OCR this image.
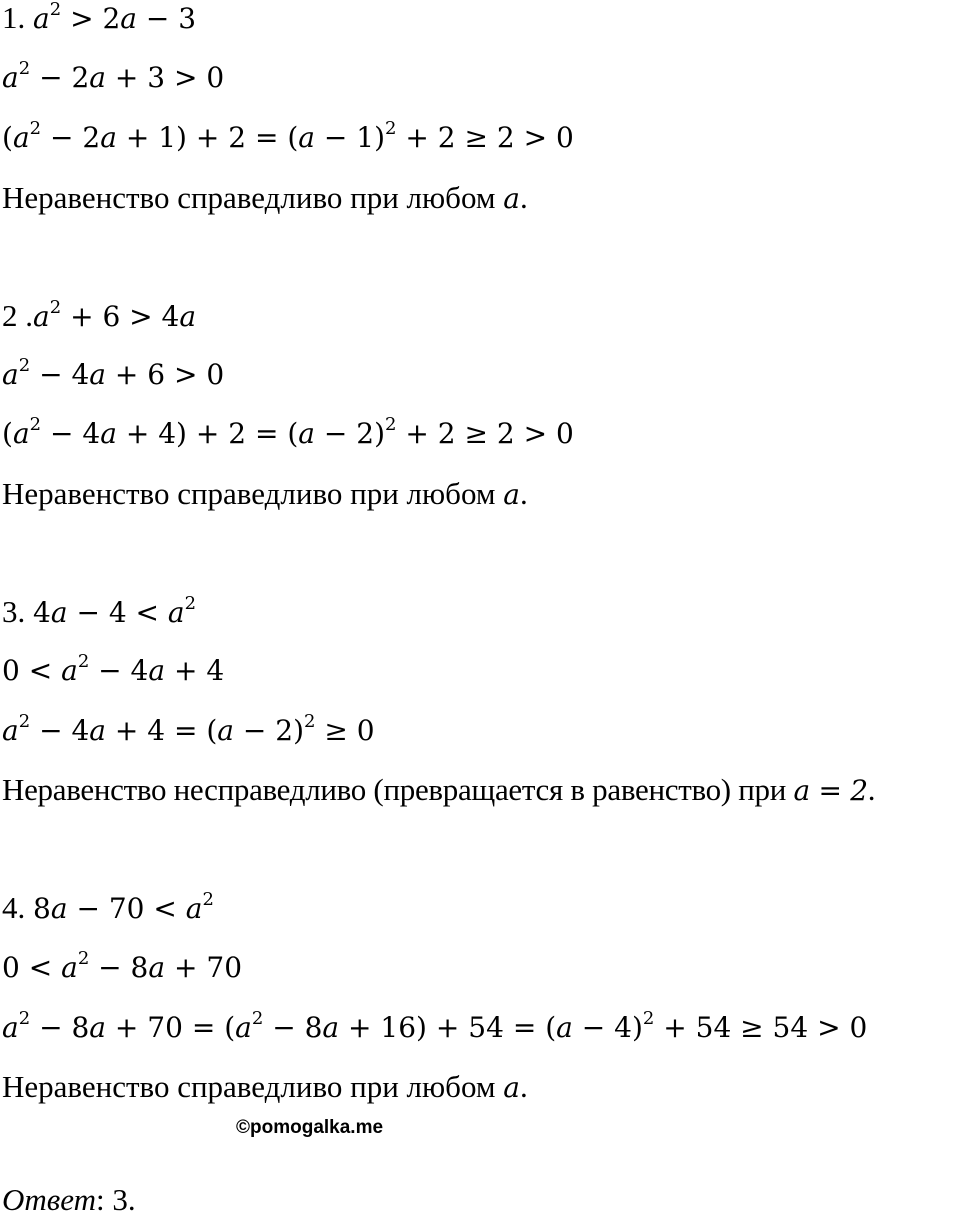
1. $a^2 > 2a - 3$
$a^2 - 2a + 3 > 0$
$(a^2 - 2a + 1) + 2 = (a - 1)^2 + 2 \ge 2 > 0$
Неравенство справедливо при любом a.
2 $.a^2 + 6 > 4a$
$a^2 - 4a + 6 > 0$
$(a^2 - 4a + 4) + 2 = (a - 2)^2 + 2 \ge 2 > 0$
Неравенство справедливо при любом a.
3. $4a - 4 < a^2$
$0 < a^2 - 4a + 4$
$a^2 - 4a + 4 = (a - 2)^2 \ge 0$
Неравенство несправедливо (превращается в равенство) при a = 2.
4. $8a - 70 < a^2$
$0 < a^2 - 8a + 70$
$a^2 - 8a + 70 = (a^2 - 8a + 16) + 54 = (a - 4)^2 + 54 \ge 54 > 0$
Неравенство справедливо при любом a.
©pomogalka.me
Ответ: 3.
